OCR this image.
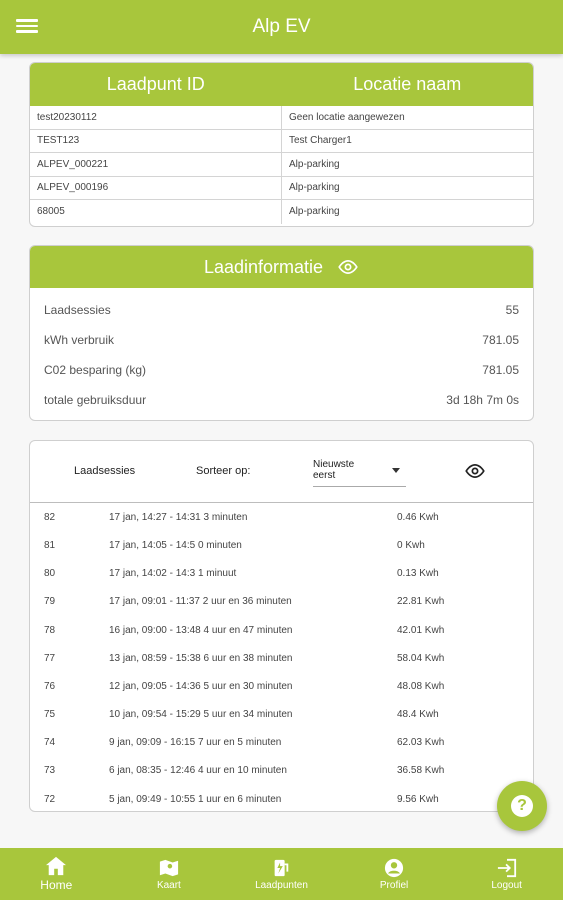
Alp EV
Laadpunt ID	Locatie naam
test20230112	Geen locatie aangewezen
TEST123	Test Charger1
ALPEV_000221	Alp-parking
ALPEV_000196	Alp-parking
68005	Alp-parking
Laadinformatie
Laadsessies	55
kWh verbruik	781.05
C02 besparing (kg)	781.05
totale gebruiksduur	3d 18h 7m 0s
Laadsessies	Sorteer op:
Nieuwste eerst
82	17 jan, 14:27 - 14:31 3 minuten	0.46 Kwh
81	17 jan, 14:05 - 14:5 0 minuten	0 Kwh
80	17 jan, 14:02 - 14:3 1 minuut	0.13 Kwh
79	17 jan, 09:01 - 11:37 2 uur en 36 minuten	22.81 Kwh
78	16 jan, 09:00 - 13:48 4 uur en 47 minuten	42.01 Kwh
77	13 jan, 08:59 - 15:38 6 uur en 38 minuten	58.04 Kwh
76	12 jan, 09:05 - 14:36 5 uur en 30 minuten	48.08 Kwh
75	10 jan, 09:54 - 15:29 5 uur en 34 minuten	48.4 Kwh
74	9 jan, 09:09 - 16:15 7 uur en 5 minuten	62.03 Kwh
73	6 jan, 08:35 - 12:46 4 uur en 10 minuten	36.58 Kwh
72	5 jan, 09:49 - 10:55 1 uur en 6 minuten	9.56 Kwh	?
Home	Kaart	Laadpunten	Profiel	Logout
